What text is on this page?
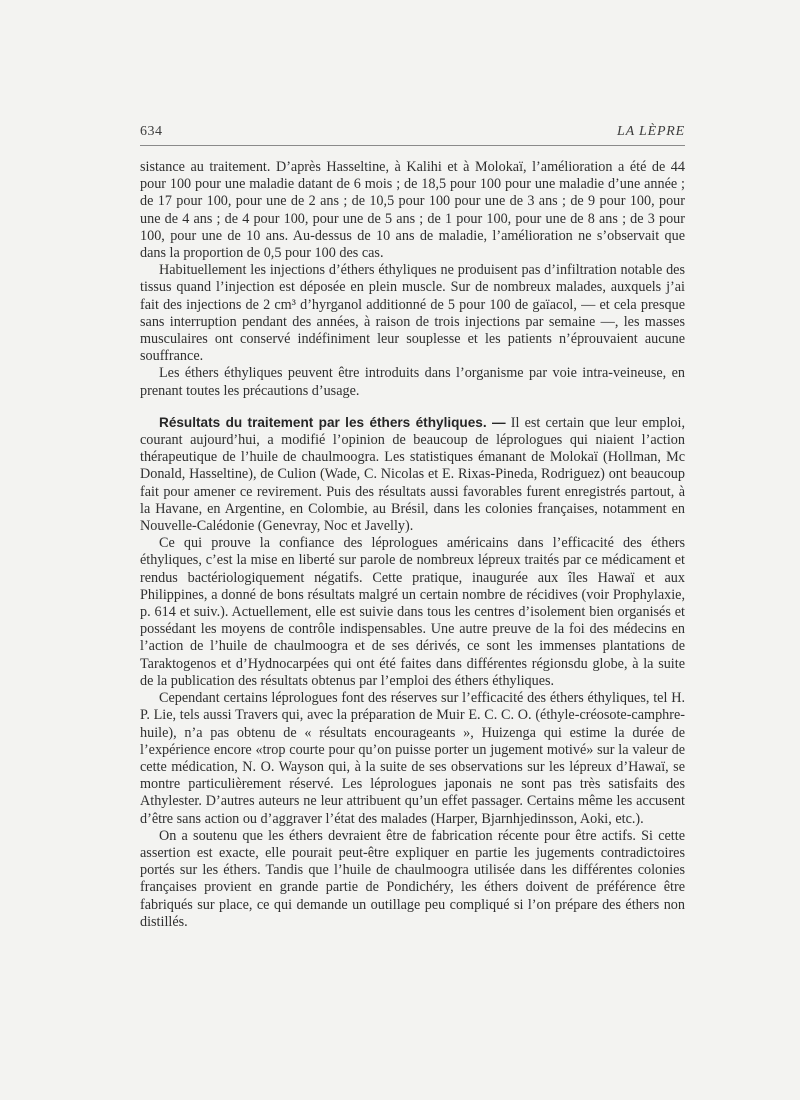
634	LA LÈPRE

sistance au traitement. D’après Hasseltine, à Kalihi et à Molokaï, l’amélioration a été de 44 pour 100 pour une maladie datant de 6 mois ; de 18,5 pour 100 pour une maladie d’une année ; de 17 pour 100, pour une de 2 ans ; de 10,5 pour 100 pour une de 3 ans ; de 9 pour 100, pour une de 4 ans ; de 4 pour 100, pour une de 5 ans ; de 1 pour 100, pour une de 8 ans ; de 3 pour 100, pour une de 10 ans. Au-dessus de 10 ans de maladie, l’amélioration ne s’observait que dans la proportion de 0,5 pour 100 des cas.

Habituellement les injections d’éthers éthyliques ne produisent pas d’infiltration notable des tissus quand l’injection est déposée en plein muscle. Sur de nombreux malades, auxquels j’ai fait des injections de 2 cm³ d’hyrganol additionné de 5 pour 100 de gaïacol, — et cela presque sans interruption pendant des années, à raison de trois injections par semaine —, les masses musculaires ont conservé indéfiniment leur souplesse et les patients n’éprouvaient aucune souffrance.

Les éthers éthyliques peuvent être introduits dans l’organisme par voie intra-veineuse, en prenant toutes les précautions d’usage.

Résultats du traitement par les éthers éthyliques. — Il est certain que leur emploi, courant aujourd’hui, a modifié l’opinion de beaucoup de léprologues qui niaient l’action thérapeutique de l’huile de chaulmoogra. Les statistiques émanant de Molokaï (Hollman, Mc Donald, Hasseltine), de Culion (Wade, C. Nicolas et E. Rixas-Pineda, Rodriguez) ont beaucoup fait pour amener ce revirement. Puis des résultats aussi favorables furent enregistrés partout, à la Havane, en Argentine, en Colombie, au Brésil, dans les colonies françaises, notamment en Nouvelle-Calédonie (Genevray, Noc et Javelly).

Ce qui prouve la confiance des léprologues américains dans l’efficacité des éthers éthyliques, c’est la mise en liberté sur parole de nombreux lépreux traités par ce médicament et rendus bactériologiquement négatifs. Cette pratique, inaugurée aux îles Hawaï et aux Philippines, a donné de bons résultats malgré un certain nombre de récidives (voir Prophylaxie, p. 614 et suiv.). Actuellement, elle est suivie dans tous les centres d’isolement bien organisés et possédant les moyens de contrôle indispensables. Une autre preuve de la foi des médecins en l’action de l’huile de chaulmoogra et de ses dérivés, ce sont les immenses plantations de Taraktogenos et d’Hydnocarpées qui ont été faites dans différentes régionsdu globe, à la suite de la publication des résultats obtenus par l’emploi des éthers éthyliques.

Cependant certains léprologues font des réserves sur l’efficacité des éthers éthyliques, tel H. P. Lie, tels aussi Travers qui, avec la préparation de Muir E. C. C. O. (éthyle-créosote-camphre-huile), n’a pas obtenu de « résultats encourageants », Huizenga qui estime la durée de l’expérience encore «trop courte pour qu’on puisse porter un jugement motivé» sur la valeur de cette médication, N. O. Wayson qui, à la suite de ses observations sur les lépreux d’Hawaï, se montre particulièrement réservé. Les léprologues japonais ne sont pas très satisfaits des Athylester. D’autres auteurs ne leur attribuent qu’un effet passager. Certains même les accusent d’être sans action ou d’aggraver l’état des malades (Harper, Bjarnhjedinsson, Aoki, etc.).

On a soutenu que les éthers devraient être de fabrication récente pour être actifs. Si cette assertion est exacte, elle pourait peut-être expliquer en partie les jugements contradictoires portés sur les éthers. Tandis que l’huile de chaulmoogra utilisée dans les différentes colonies françaises provient en grande partie de Pondichéry, les éthers doivent de préférence être fabriqués sur place, ce qui demande un outillage peu compliqué si l’on prépare des éthers non distillés.
